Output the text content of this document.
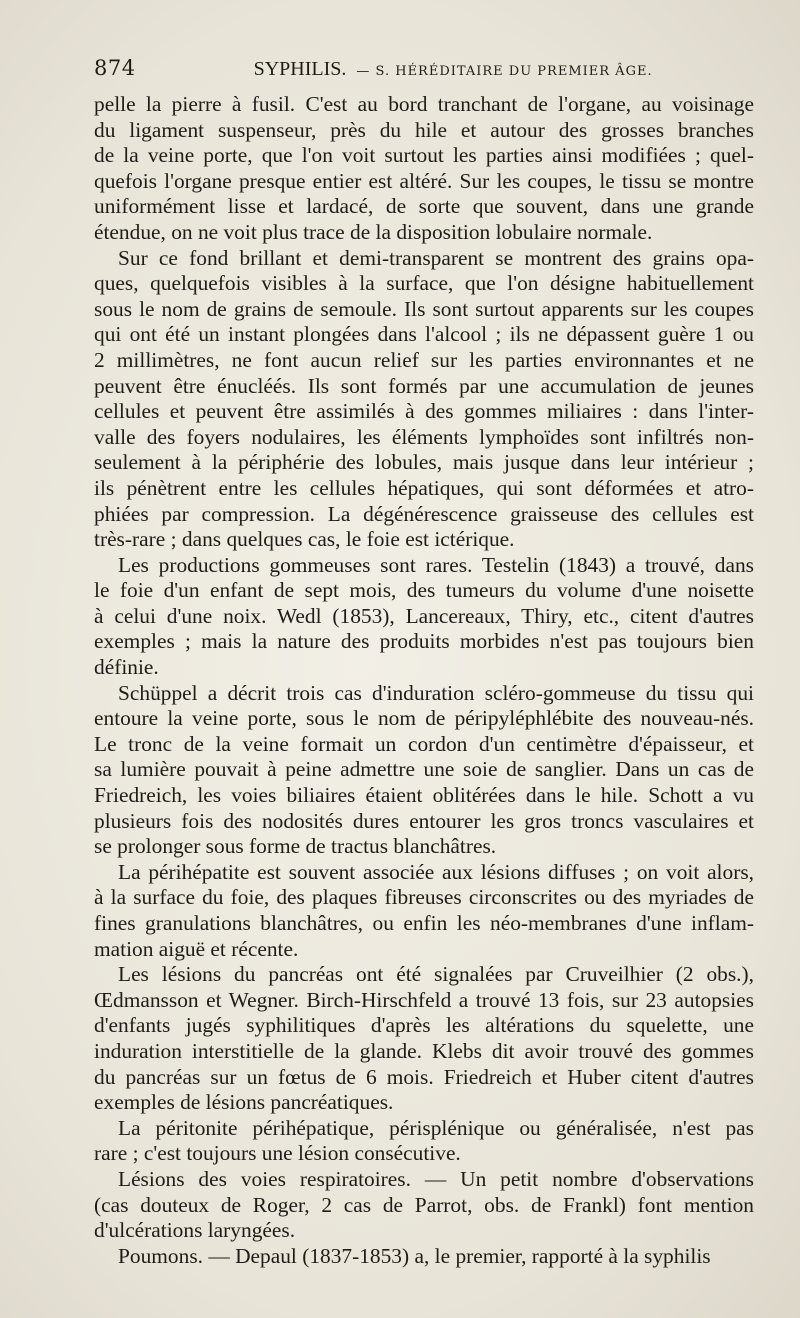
874	SYPHILIS. — S. HÉRÉDITAIRE DU PREMIER ÂGE.

pelle la pierre à fusil. C'est au bord tranchant de l'organe, au voisinage
du ligament suspenseur, près du hile et autour des grosses branches
de la veine porte, que l'on voit surtout les parties ainsi modifiées ; quel-
quefois l'organe presque entier est altéré. Sur les coupes, le tissu se montre
uniformément lisse et lardacé, de sorte que souvent, dans une grande
étendue, on ne voit plus trace de la disposition lobulaire normale.

Sur ce fond brillant et demi-transparent se montrent des grains opa-
ques, quelquefois visibles à la surface, que l'on désigne habituellement
sous le nom de grains de semoule. Ils sont surtout apparents sur les coupes
qui ont été un instant plongées dans l'alcool ; ils ne dépassent guère 1 ou
2 millimètres, ne font aucun relief sur les parties environnantes et ne
peuvent être énucléés. Ils sont formés par une accumulation de jeunes
cellules et peuvent être assimilés à des gommes miliaires : dans l'inter-
valle des foyers nodulaires, les éléments lymphoïdes sont infiltrés non-
seulement à la périphérie des lobules, mais jusque dans leur intérieur ;
ils pénètrent entre les cellules hépatiques, qui sont déformées et atro-
phiées par compression. La dégénérescence graisseuse des cellules est
très-rare ; dans quelques cas, le foie est ictérique.

Les productions gommeuses sont rares. Testelin (1843) a trouvé, dans
le foie d'un enfant de sept mois, des tumeurs du volume d'une noisette
à celui d'une noix. Wedl (1853), Lancereaux, Thiry, etc., citent d'autres
exemples ; mais la nature des produits morbides n'est pas toujours bien
définie.

Schüppel a décrit trois cas d'induration scléro-gommeuse du tissu qui
entoure la veine porte, sous le nom de péripyléphlébite des nouveau-nés.
Le tronc de la veine formait un cordon d'un centimètre d'épaisseur, et
sa lumière pouvait à peine admettre une soie de sanglier. Dans un cas de
Friedreich, les voies biliaires étaient oblitérées dans le hile. Schott a vu
plusieurs fois des nodosités dures entourer les gros troncs vasculaires et
se prolonger sous forme de tractus blanchâtres.

La périhépatite est souvent associée aux lésions diffuses ; on voit alors,
à la surface du foie, des plaques fibreuses circonscrites ou des myriades de
fines granulations blanchâtres, ou enfin les néo-membranes d'une inflam-
mation aiguë et récente.

Les lésions du pancréas ont été signalées par Cruveilhier (2 obs.),
Œdmansson et Wegner. Birch-Hirschfeld a trouvé 13 fois, sur 23 autopsies
d'enfants jugés syphilitiques d'après les altérations du squelette, une
induration interstitielle de la glande. Klebs dit avoir trouvé des gommes
du pancréas sur un fœtus de 6 mois. Friedreich et Huber citent d'autres
exemples de lésions pancréatiques.

La péritonite périhépatique, périsplénique ou généralisée, n'est pas
rare ; c'est toujours une lésion consécutive.

Lésions des voies respiratoires. — Un petit nombre d'observations
(cas douteux de Roger, 2 cas de Parrot, obs. de Frankl) font mention
d'ulcérations laryngées.

Poumons. — Depaul (1837-1853) a, le premier, rapporté à la syphilis
